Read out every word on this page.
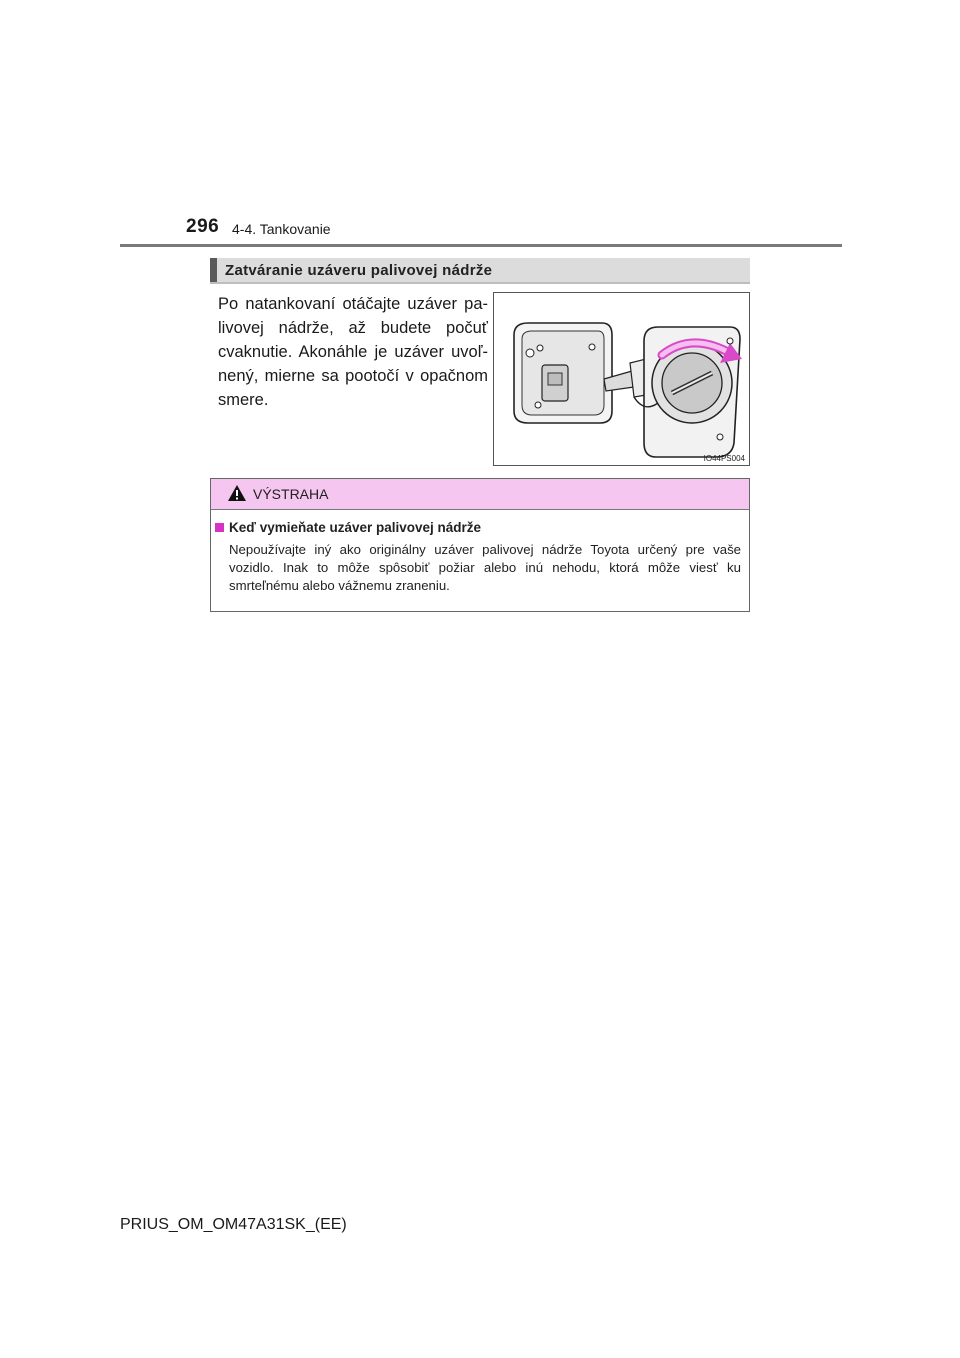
296 4-4. Tankovanie
Zatváranie uzáveru palivovej nádrže
Po natankovaní otáčajte uzáver pa-livovej nádrže, až budete počuť cvaknutie. Akonáhle je uzáver uvoľ-nený, mierne sa pootočí v opačnom smere.
IO44PS004
VÝSTRAHA
Keď vymieňate uzáver palivovej nádrže
Nepoužívajte iný ako originálny uzáver palivovej nádrže Toyota určený pre vaše vozidlo. Inak to môže spôsobiť požiar alebo inú nehodu, ktorá môže viesť ku smrteľnému alebo vážnemu zraneniu.
PRIUS_OM_OM47A31SK_(EE)
